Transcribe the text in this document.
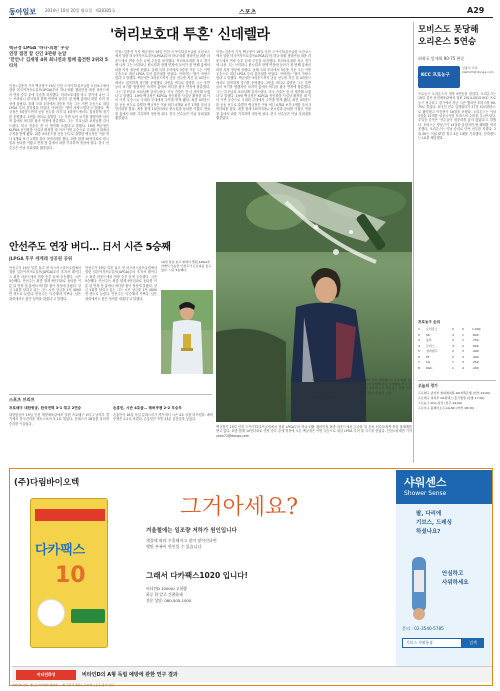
동아일보 2014년 10월 20일 월요일 제28305호	스포츠	A29
'허리보호대 투혼' 신데렐라
백규정 LPGA '하나·외환' 우승
연장 접전 끝 신인 3관왕 눈앞
'맏언니' 김세영 4위 최나연과 함께 출전한 2위와 5타차
인천=김종석 기자 백규정이 19일 인천 스카이72골프클럽 오션코스에서 열린 미국여자프로골프(LPGA)투어 하나·외환 챔피언십 최종 라운드에서 연장 승부 끝에 우승을 차지했다. 허리보호대를 차고 경기에 나선 그는 브리타니 린시컴과 함께 연장에 들어가 첫 번째 홀에서 파를 지켜 정상에 올랐다. 올해 국내 투어에서 3승을 거둔 그는 이번 우승으로 내년 LPGA 투어 출전권을 얻었다. 아버지는 '딸이 자랑스럽다'고 말했다. 백규정은 3라운드까지 공동 선두를 지킨 뒤 4라운드에서도 침착하게 경기를 운영했다. 2번홀 버디로 출발한 그는 후반 들어 보기를 범했지만 마지막 홀에서 버디를 잡아 연장에 합류했다. 그는 '부모님과 코치님께 감사드린다. 미국 진출은 좀 더 생각해 보겠다'고 말했다. 19세 백규정은 KLPGA 신인왕을 사실상 확정한 데 이어 이번 우승으로 국내외 무대에서 주목을 받게 됐다. 최종 4라운드를 공동 선두로 출발한 백규정은 이날 버디 4개와 보기 1개를 묶어 3언더파를 쳤다. 최종 합계 10언더파로 린시컴과 동타를 이뤘고 연장 첫 홀에서 파를 기록하며 정상에 섰다. 한국 선수들은 이날 상위권을 휩쓸었다.
인천=김종석 기자 백규정이 19일 인천 스카이72골프클럽 오션코스에서 열린 미국여자프로골프(LPGA)투어 하나·외환 챔피언십 최종 라운드에서 연장 승부 끝에 우승을 차지했다. 허리보호대를 차고 경기에 나선 그는 브리타니 린시컴과 함께 연장에 들어가 첫 번째 홀에서 파를 지켜 정상에 올랐다. 올해 국내 투어에서 3승을 거둔 그는 이번 우승으로 내년 LPGA 투어 출전권을 얻었다. 아버지는 '딸이 자랑스럽다'고 말했다. 백규정은 3라운드까지 공동 선두를 지킨 뒤 4라운드에서도 침착하게 경기를 운영했다. 2번홀 버디로 출발한 그는 후반 들어 보기를 범했지만 마지막 홀에서 버디를 잡아 연장에 합류했다. 그는 '부모님과 코치님께 감사드린다. 미국 진출은 좀 더 생각해 보겠다'고 말했다. 19세 백규정은 KLPGA 신인왕을 사실상 확정한 데 이어 이번 우승으로 국내외 무대에서 주목을 받게 됐다. 최종 4라운드를 공동 선두로 출발한 백규정은 이날 버디 4개와 보기 1개를 묶어 3언더파를 쳤다. 최종 합계 10언더파로 린시컴과 동타를 이뤘고 연장 첫 홀에서 파를 기록하며 정상에 섰다. 한국 선수들은 이날 상위권을 휩쓸었다.
인천=김종석 기자 백규정이 19일 인천 스카이72골프클럽 오션코스에서 열린 미국여자프로골프(LPGA)투어 하나·외환 챔피언십 최종 라운드에서 연장 승부 끝에 우승을 차지했다. 허리보호대를 차고 경기에 나선 그는 브리타니 린시컴과 함께 연장에 들어가 첫 번째 홀에서 파를 지켜 정상에 올랐다. 올해 국내 투어에서 3승을 거둔 그는 이번 우승으로 내년 LPGA 투어 출전권을 얻었다. 아버지는 '딸이 자랑스럽다'고 말했다. 백규정은 3라운드까지 공동 선두를 지킨 뒤 4라운드에서도 침착하게 경기를 운영했다. 2번홀 버디로 출발한 그는 후반 들어 보기를 범했지만 마지막 홀에서 버디를 잡아 연장에 합류했다. 그는 '부모님과 코치님께 감사드린다. 미국 진출은 좀 더 생각해 보겠다'고 말했다. 19세 백규정은 KLPGA 신인왕을 사실상 확정한 데 이어 이번 우승으로 국내외 무대에서 주목을 받게 됐다. 최종 4라운드를 공동 선두로 출발한 백규정은 이날 버디 4개와 보기 1개를 묶어 3언더파를 쳤다. 최종 합계 10언더파로 린시컴과 동타를 이뤘고 연장 첫 홀에서 파를 기록하며 정상에 섰다. 한국 선수들은 이날 상위권을 휩쓸었다.
백규정이 19일 인천 스카이72골프클럽에서 열린 LPGA투어 하나·외환 챔피언십 최종 라운드에서 우승한 뒤 동료 선수들에게 축하 물세례를 받고 있다. 최종 합계 10언더파로 연장 승부 끝에 정상에 오른 백규정은 이번 우승으로 내년 LPGA 투어 풀 시드를 얻었다. 인천=원대연 기자 yeon72@donga.com
안선주도 연장 버디… 日서 시즌 5승째
JLPGA 후쿠 세계레 성공원 공워
안선주가 19일 일본 효고 현 마스터스골프클럽에서 열린 일본여자프로골프(JLPGA)투어 후지쓰 레이디스 최종 라운드에서 연장 승부 끝에 우승했다. 시즌 5승째다. 안선주는 최종 합계 9언더파로 동타를 이룬 뒤 연장 첫 홀에서 버디를 잡아 정상에 올랐다. 상금 1위를 달리고 있는 그는 시즌 상금을 1억 4000만 엔으로 늘렸다. 안선주는 '우승해서 기쁘다. 남은 대회에서도 좋은 성적을 내겠다'고 말했다.
안선주가 19일 일본 효고 현 마스터스골프클럽에서 열린 일본여자프로골프(JLPGA)투어 후지쓰 레이디스 최종 라운드에서 연장 승부 끝에 우승했다. 시즌 5승째다. 안선주는 최종 합계 9언더파로 동타를 이룬 뒤 연장 첫 홀에서 버디를 잡아 정상에 올랐다. 상금 1위를 달리고 있는 그는 시즌 상금을 1억 4000만 엔으로 늘렸다. 안선주는 '우승해서 기쁘다. 남은 대회에서도 좋은 성적을 내겠다'고 말했다.
19일 일본 효고 현에서 열린 JLPGA투어에서 우승한 안선주가 트로피를 들고 있다. 시즌 5승째다.
스포츠 브리프
프로배구 대한항공, 한국전력 3-1 꺾고 2연승
대한항공이 19일 인천 계양체육관에서 열린 프로배구 V리그 남자부 경기에서 한국전력을 세트스코어 3-1로 꺾었다. 산체스가 28점을 올리며 승리를 이끌었다.
손흥민, 시즌 4호골… 레버쿠젠 2-2 무승부
손흥민이 18일 독일 분데스리가 경기에서 시즌 4호 골을 터뜨렸다. 레버쿠젠은 2-2로 비겼다. 손흥민은 후반 23분 동점골을 넣었다.
백규정이 19일 인천 스카이72골프클럽에서 열린 LPGA투어 하나·외환 챔피언십 최종 라운드에서 우승한 뒤 동료 선수들에게 축하 물세례를 받고 있다. 최종 합계 10언더파로 연장 승부 끝에 정상에 오른 백규정은 이번 우승으로 내년 LPGA 투어 풀 시드를 얻었다. 인천=원대연 기자 yeon72@donga.com
모비스도 못당해
오리온스 5연승
외곽포 앞세워 90-75 완승
KCC 프로농구
김종석 기자 kjs0123@donga.com
프로농구 오리온스가 개막 5연승을 달렸다. 오리온스는 19일 울산 동천체육관에서 열린 2014-2015 KCC 프로농구 정규리그 경기에서 지난 시즌 챔피언 모비스를 90-75로 꺾었다. 외국인 선수 길렌워터가 27점 10리바운드로 활약했고 이승현이 16점을 보탰다. 오리온스는 이날 3점슛 11개를 성공시키며 모비스의 수비를 무너뜨렸다. 추일승 감독은 '선수들이 집중력을 잃지 않았다'고 말했다. 모비스는 양동근이 14점을 올렸지만 팀 패배를 막지 못했다. 오리온스는 이날 승리로 단독 선두를 지켰다. 2위 SK는 이날 KT를 꺾고 4승 1패를 기록했다. 전자랜드는 LG를 제압했다.
프로농구 순위
1	오리온스	5	0	1.000
2	SK	4	1	.800
3	동부	3	1	.750
4	모비스	3	2	.600
5	전자랜드	2	3	.400
6	KT	2	3	.400
7	LG	1	3	.250
8	KGC	1	4	.200
오늘의 경기
프로배구 남자부 현대캐피탈-OK저축은행 (천안·19:00)
프로배구 여자부 GS칼텍스-흥국생명 (장충·17:00)
프로농구 KCC-삼성 (전주·19:00)
프로야구 플레이오프 LG-NC (마산·18:30)
(주)다림바이오텍
다카팩스
10
그거아세요?
겨울철에는 일조량 저하가 원인입니다
계절에 따라 우울해지고 잠이 많아진다면
햇빛 부족이 원인일 수 있습니다
그래서 다카팩스1020 입니다!
비타민D 1000IU 고함량
하루 한 알로 간편하게
전문 상담: 080-505-1000
샤워센스
Shower Sense
팔, 다리에
기브스, 드레싱
하셨나요?
안심하고
사워하세요
문의 : 02-3540-5785
기브스 샤워용품	검색
비타민D정	비타민D의 A형 독립 예방에 관한 연구 결과
비타민D 함유 새로운 비타민D 영양제 — 뼈 건강과 골밀도 유지에 도움을 줄 수 있음
